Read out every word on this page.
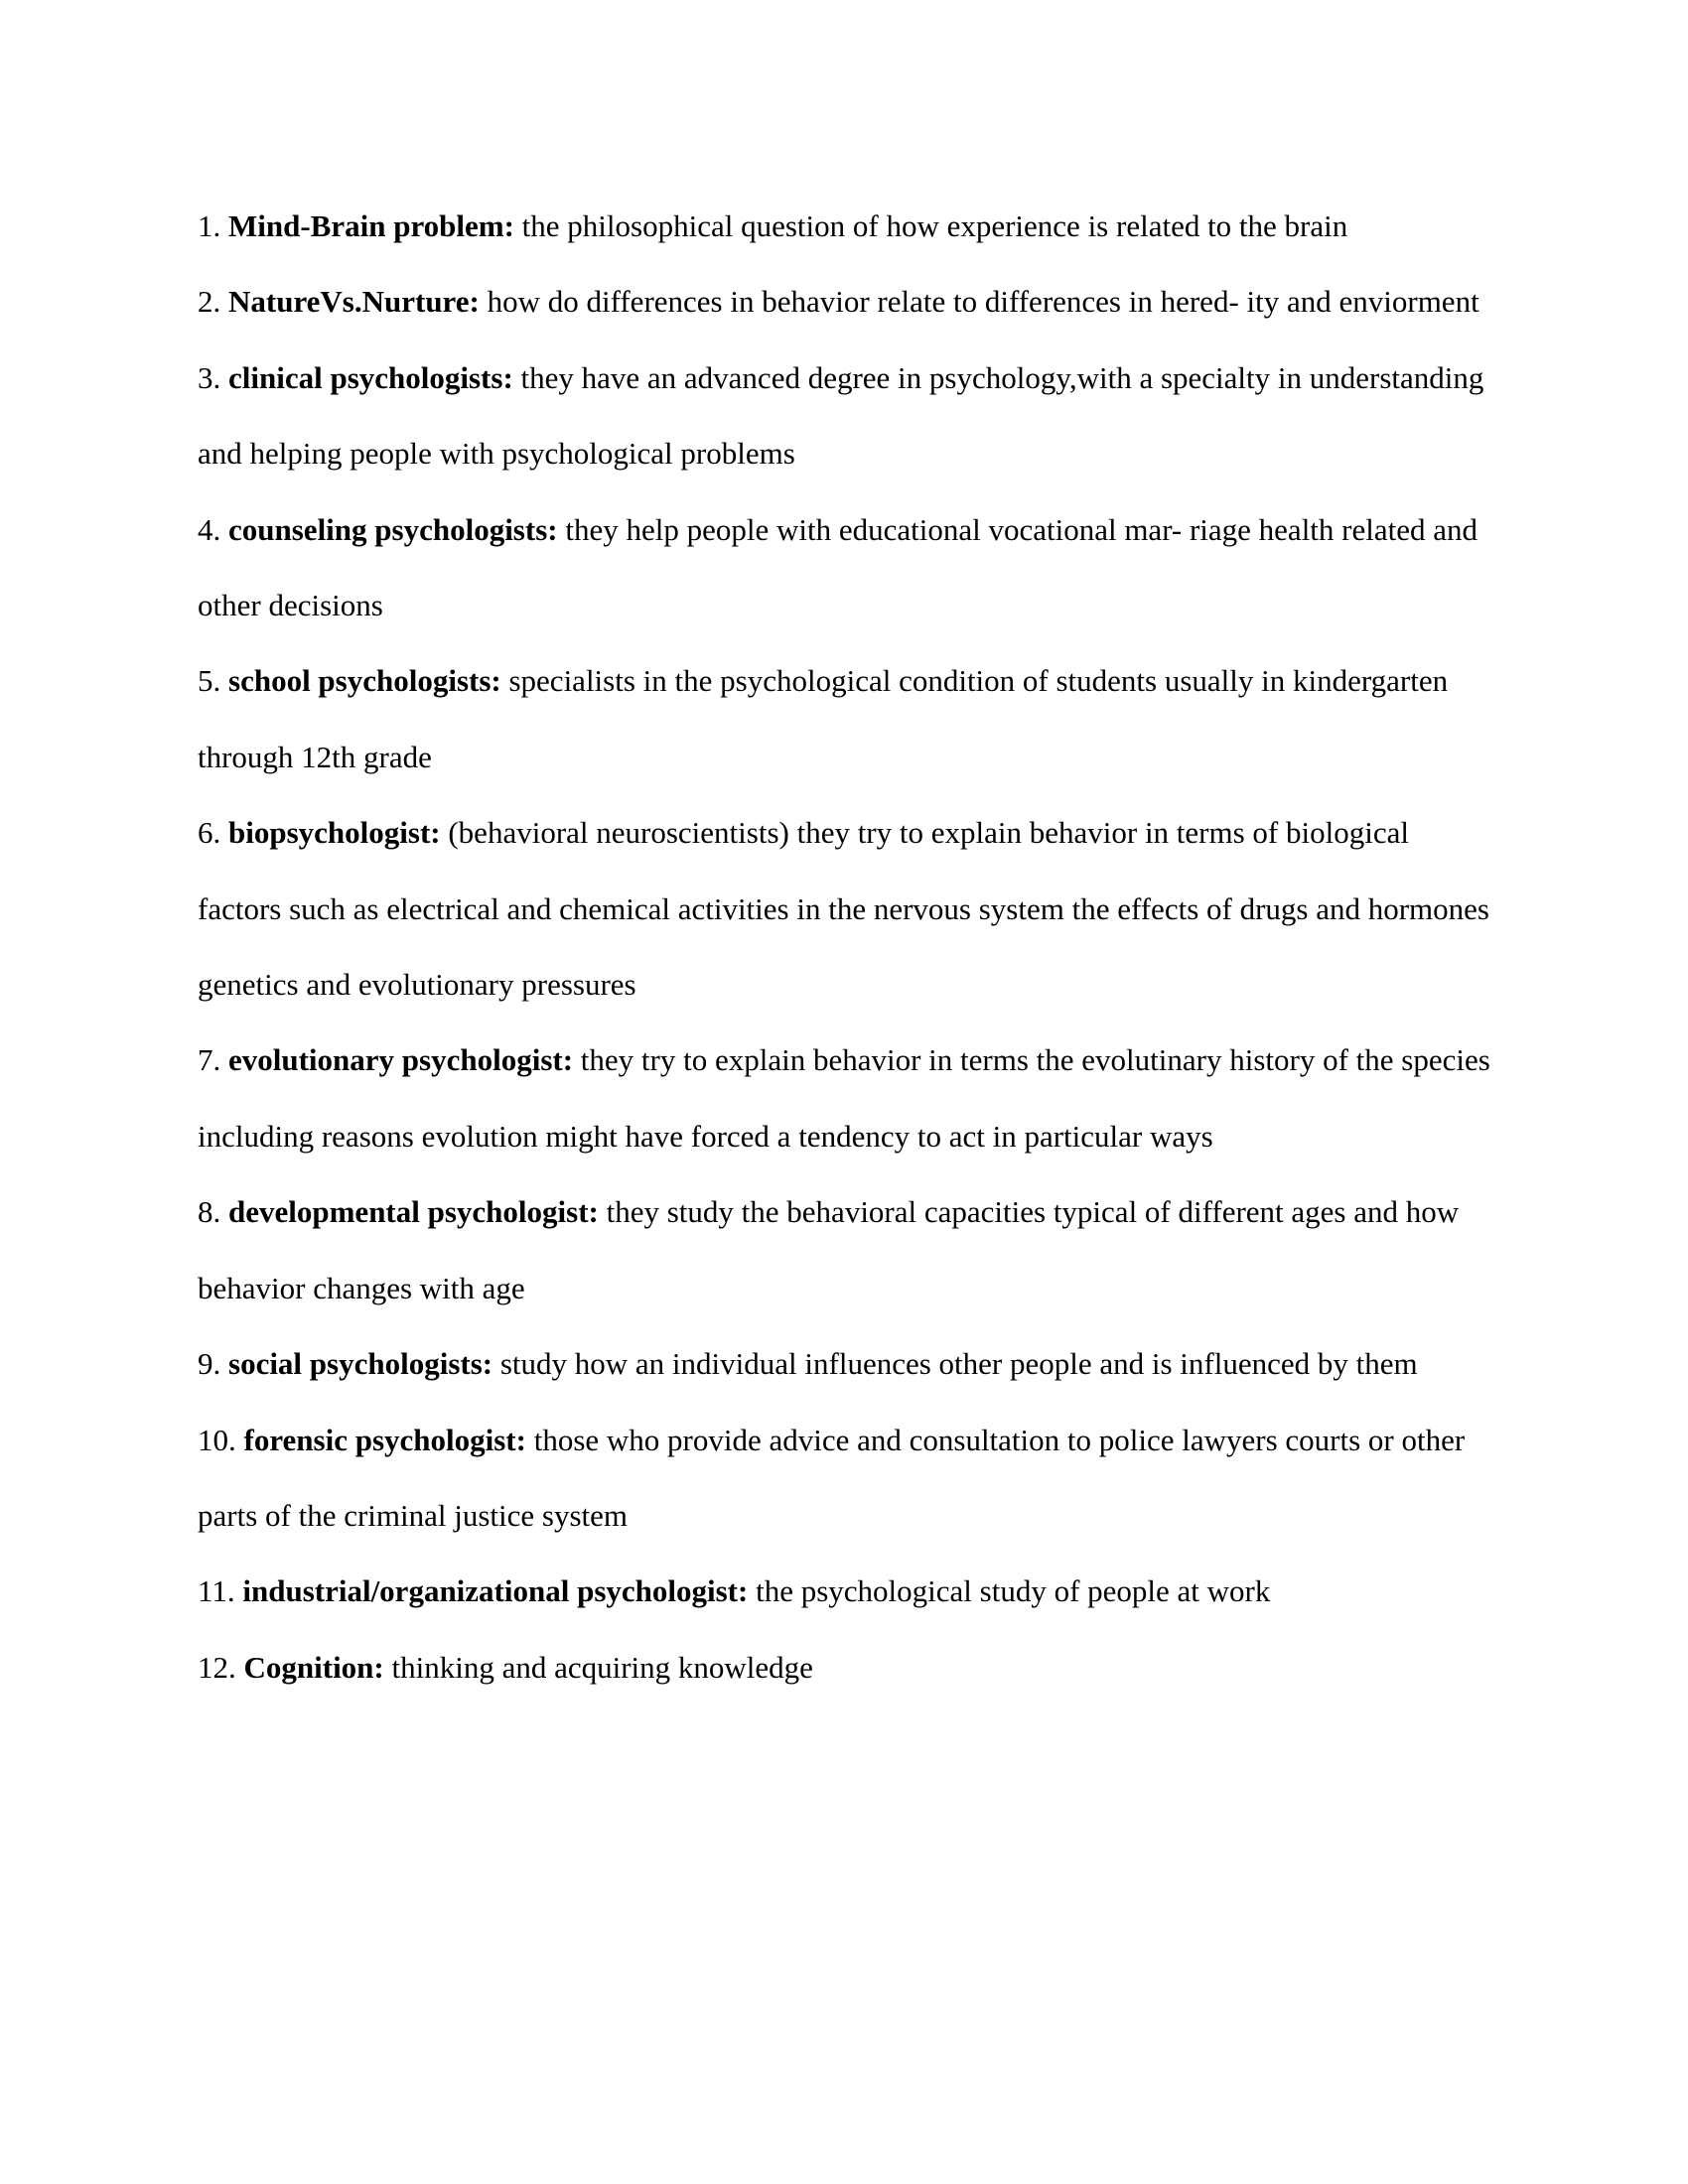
1. Mind-Brain problem: the philosophical question of how experience is related to the brain

2. NatureVs.Nurture: how do differences in behavior relate to differences in hered- ity and enviorment

3. clinical psychologists: they have an advanced degree in psychology,with a specialty in understanding and helping people with psychological problems

4. counseling psychologists: they help people with educational vocational mar- riage health related and other decisions

5. school psychologists: specialists in the psychological condition of students usually in kindergarten through 12th grade

6. biopsychologist: (behavioral neuroscientists) they try to explain behavior in terms of biological factors such as electrical and chemical activities in the nervous system the effects of drugs and hormones genetics and evolutionary pressures

7. evolutionary psychologist: they try to explain behavior in terms the evolutinary history of the species including reasons evolution might have forced a tendency to act in particular ways

8. developmental psychologist: they study the behavioral capacities typical of different ages and how behavior changes with age

9. social psychologists: study how an individual influences other people and is influenced by them

10. forensic psychologist: those who provide advice and consultation to police lawyers courts or other parts of the criminal justice system

11. industrial/organizational psychologist: the psychological study of people at work

12. Cognition: thinking and acquiring knowledge
